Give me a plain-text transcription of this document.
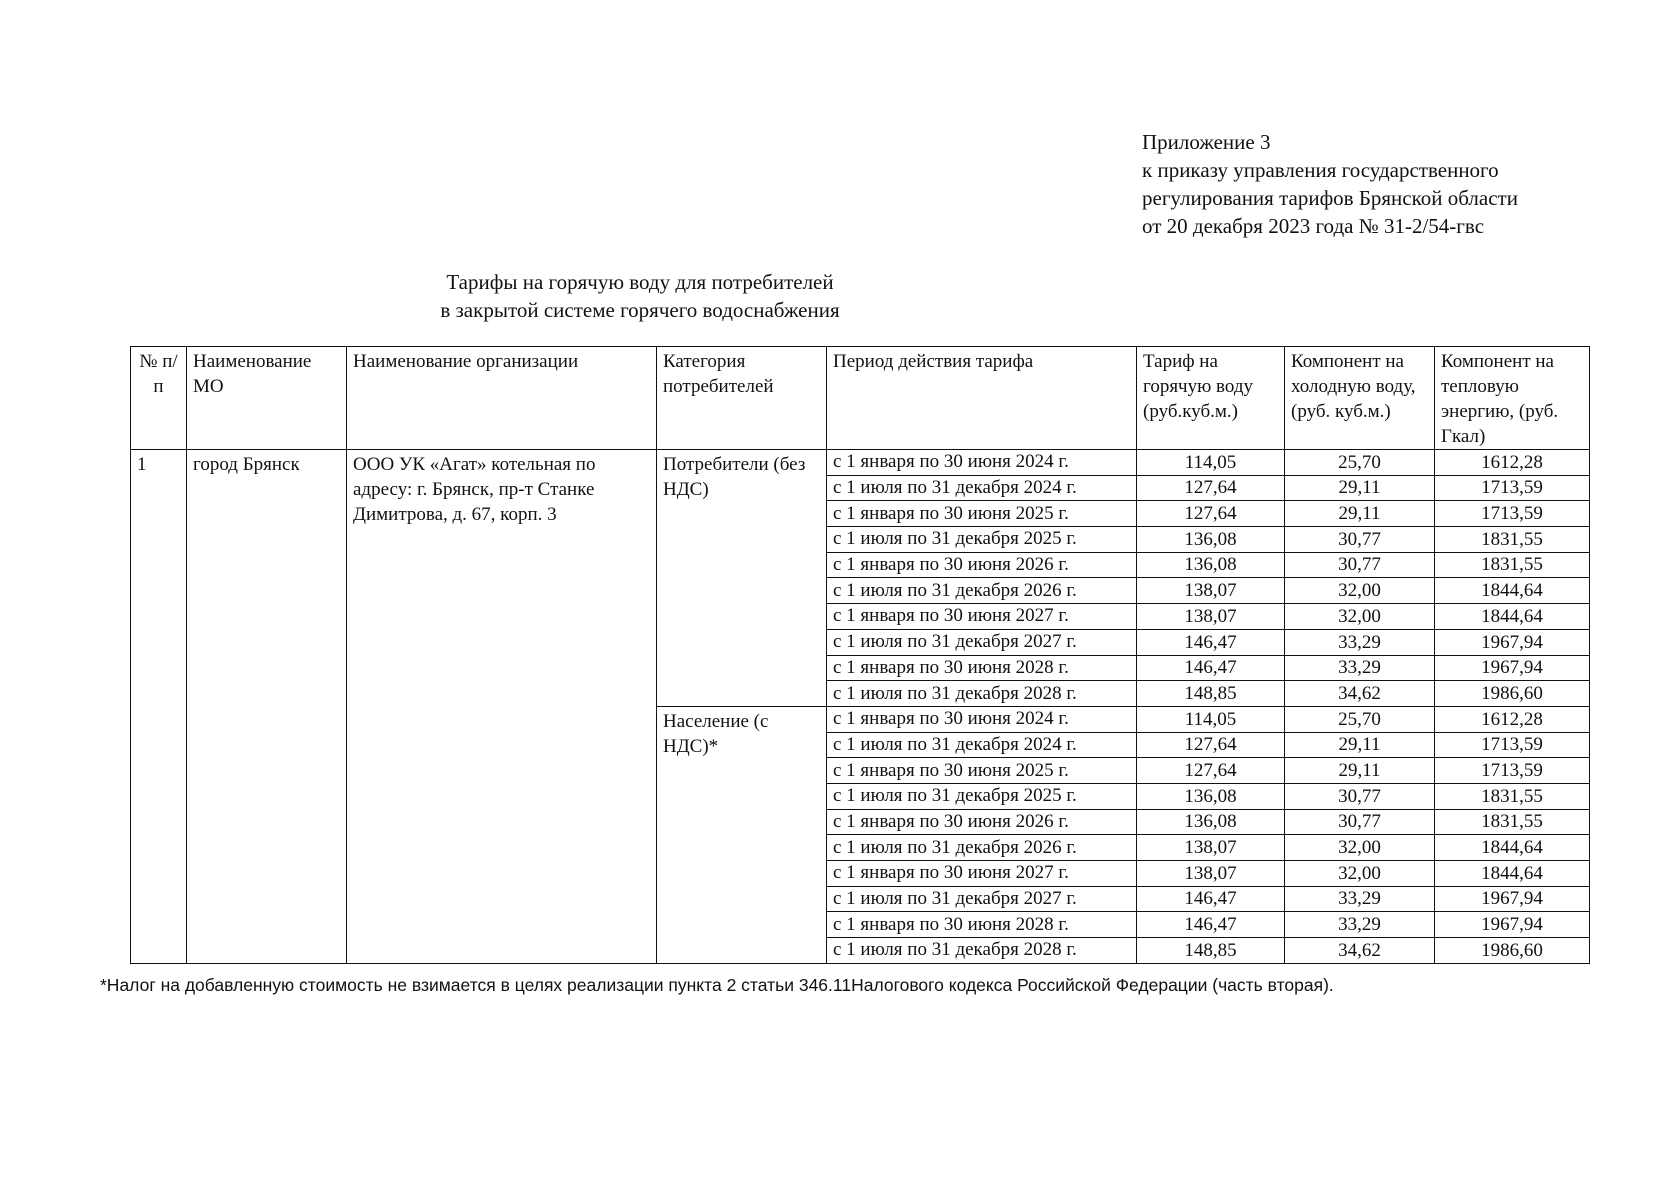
Приложение 3
к приказу управления государственного
регулирования тарифов Брянской области
от 20 декабря 2023 года № 31-2/54-гвс
Тарифы на горячую воду для потребителей
в закрытой системе горячего водоснабжения
№ п/п	Наименование МО	Наименование организации	Категория потребителей	Период действия тарифа	Тариф на горячую воду (руб.куб.м.)	Компонент на холодную воду, (руб. куб.м.)	Компонент на тепловую энергию, (руб. Гкал)
1	город Брянск	ООО УК «Агат» котельная по адресу: г. Брянск, пр-т Станке Димитрова, д. 67, корп. 3	Потребители (без НДС)	с 1 января по 30 июня 2024 г.	114,05	25,70	1612,28
				с 1 июля по 31 декабря 2024 г.	127,64	29,11	1713,59
				с 1 января по 30 июня 2025 г.	127,64	29,11	1713,59
				с 1 июля по 31 декабря 2025 г.	136,08	30,77	1831,55
				с 1 января по 30 июня 2026 г.	136,08	30,77	1831,55
				с 1 июля по 31 декабря 2026 г.	138,07	32,00	1844,64
				с 1 января по 30 июня 2027 г.	138,07	32,00	1844,64
				с 1 июля по 31 декабря 2027 г.	146,47	33,29	1967,94
				с 1 января по 30 июня 2028 г.	146,47	33,29	1967,94
				с 1 июля по 31 декабря 2028 г.	148,85	34,62	1986,60
			Население (с НДС)*	с 1 января по 30 июня 2024 г.	114,05	25,70	1612,28
				с 1 июля по 31 декабря 2024 г.	127,64	29,11	1713,59
				с 1 января по 30 июня 2025 г.	127,64	29,11	1713,59
				с 1 июля по 31 декабря 2025 г.	136,08	30,77	1831,55
				с 1 января по 30 июня 2026 г.	136,08	30,77	1831,55
				с 1 июля по 31 декабря 2026 г.	138,07	32,00	1844,64
				с 1 января по 30 июня 2027 г.	138,07	32,00	1844,64
				с 1 июля по 31 декабря 2027 г.	146,47	33,29	1967,94
				с 1 января по 30 июня 2028 г.	146,47	33,29	1967,94
				с 1 июля по 31 декабря 2028 г.	148,85	34,62	1986,60
*Налог на добавленную стоимость не взимается в целях реализации пункта 2 статьи 346.11Налогового кодекса Российской Федерации (часть вторая).
